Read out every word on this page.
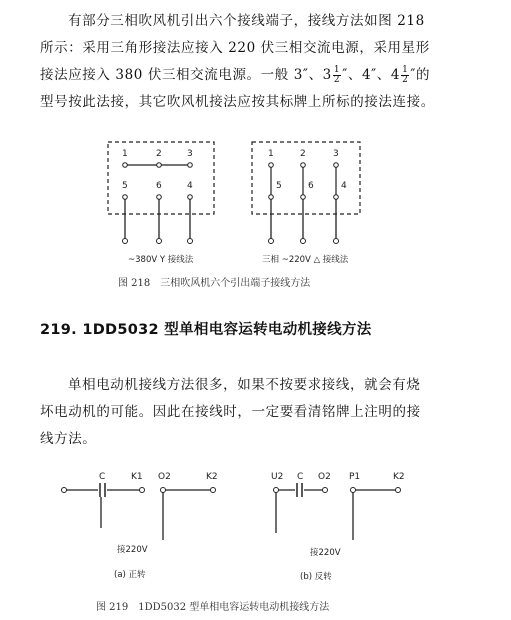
有部分三相吹风机引出六个接线端子，接线方法如图 218
所示：采用三角形接法应接入 220 伏三相交流电源，采用星形
接法应接入 380 伏三相交流电源。一般 3″、$3 \frac{1}{2}$ ″、4″、$4 \frac{1}{2}$ ″的
型号按此法接，其它吹风机接法应按其标牌上所标的接法连接。
1	2	3
5	6	4
~380V Y 接线法
1	2	3
5	6	4
三相 ~220V △ 接线法
图 218　三相吹风机六个引出端子接线方法
219. 1DD5032 型单相电容运转电动机接线方法
单相电动机接线方法很多，如果不按要求接线，就会有烧
坏电动机的可能。因此在接线时，一定要看清铭牌上注明的接
线方法。
C	K1 O2	K2
接220V
(a) 正转
U2 C O2 P1	K2
接220V
(b) 反转
图 219　1DD5032 型单相电容运转电动机接线方法
